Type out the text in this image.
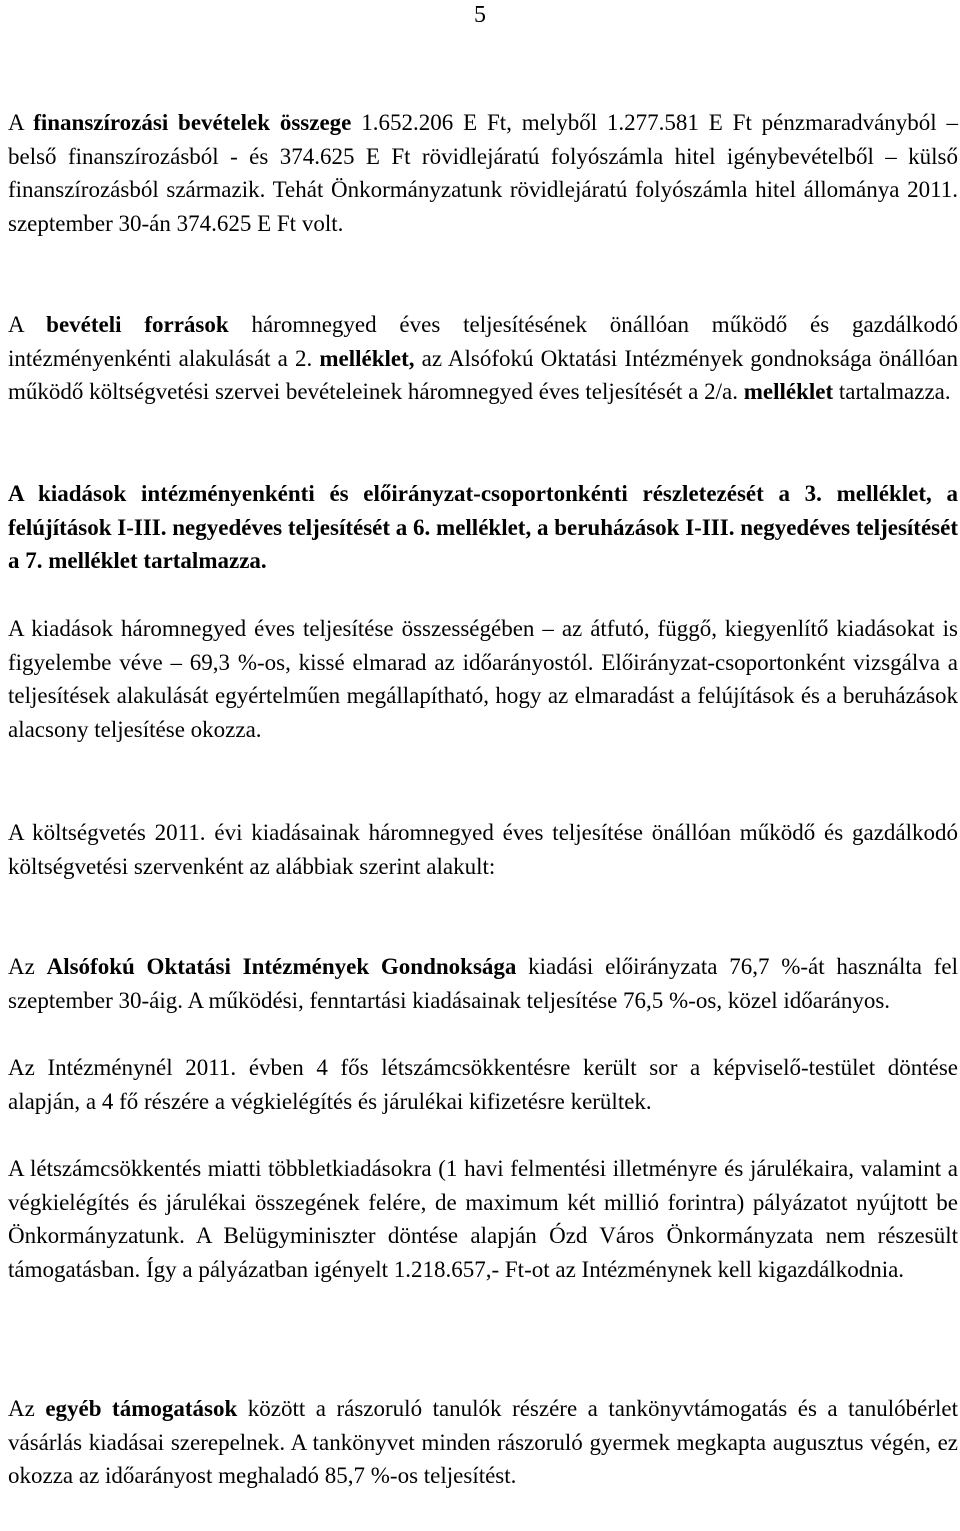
5

A finanszírozási bevételek összege 1.652.206 E Ft, melyből 1.277.581 E Ft pénzmaradványból – belső finanszírozásból - és 374.625 E Ft rövidlejáratú folyószámla hitel igénybevételből – külső finanszírozásból származik. Tehát Önkormányzatunk rövidlejáratú folyószámla hitel állománya 2011. szeptember 30-án 374.625 E Ft volt.

A bevételi források háromnegyed éves teljesítésének önállóan működő és gazdálkodó intézményenkénti alakulását a 2. melléklet, az Alsófokú Oktatási Intézmények gondnoksága önállóan működő költségvetési szervei bevételeinek háromnegyed éves teljesítését a 2/a. melléklet tartalmazza.

A kiadások intézményenkénti és előirányzat-csoportonkénti részletezését a 3. melléklet, a felújítások I-III. negyedéves teljesítését a 6. melléklet, a beruházások I-III. negyedéves teljesítését a 7. melléklet tartalmazza.

A kiadások háromnegyed éves teljesítése összességében – az átfutó, függő, kiegyenlítő kiadásokat is figyelembe véve – 69,3 %-os, kissé elmarad az időarányostól. Előirányzat-csoportonként vizsgálva a teljesítések alakulását egyértelműen megállapítható, hogy az elmaradást a felújítások és a beruházások alacsony teljesítése okozza.

A költségvetés 2011. évi kiadásainak háromnegyed éves teljesítése önállóan működő és gazdálkodó költségvetési szervenként az alábbiak szerint alakult:

Az Alsófokú Oktatási Intézmények Gondnoksága kiadási előirányzata 76,7 %-át használta fel szeptember 30-áig. A működési, fenntartási kiadásainak teljesítése 76,5 %-os, közel időarányos.

Az Intézménynél 2011. évben 4 fős létszámcsökkentésre került sor a képviselő-testület döntése alapján, a 4 fő részére a végkielégítés és járulékai kifizetésre kerültek.

A létszámcsökkentés miatti többletkiadásokra (1 havi felmentési illetményre és járulékaira, valamint a végkielégítés és járulékai összegének felére, de maximum két millió forintra) pályázatot nyújtott be Önkormányzatunk. A Belügyminiszter döntése alapján Ózd Város Önkormányzata nem részesült támogatásban. Így a pályázatban igényelt 1.218.657,- Ft-ot az Intézménynek kell kigazdálkodnia.

Az egyéb támogatások között a rászoruló tanulók részére a tankönyvtámogatás és a tanulóbérlet vásárlás kiadásai szerepelnek. A tankönyvet minden rászoruló gyermek megkapta augusztus végén, ez okozza az időarányost meghaladó 85,7 %-os teljesítést.
